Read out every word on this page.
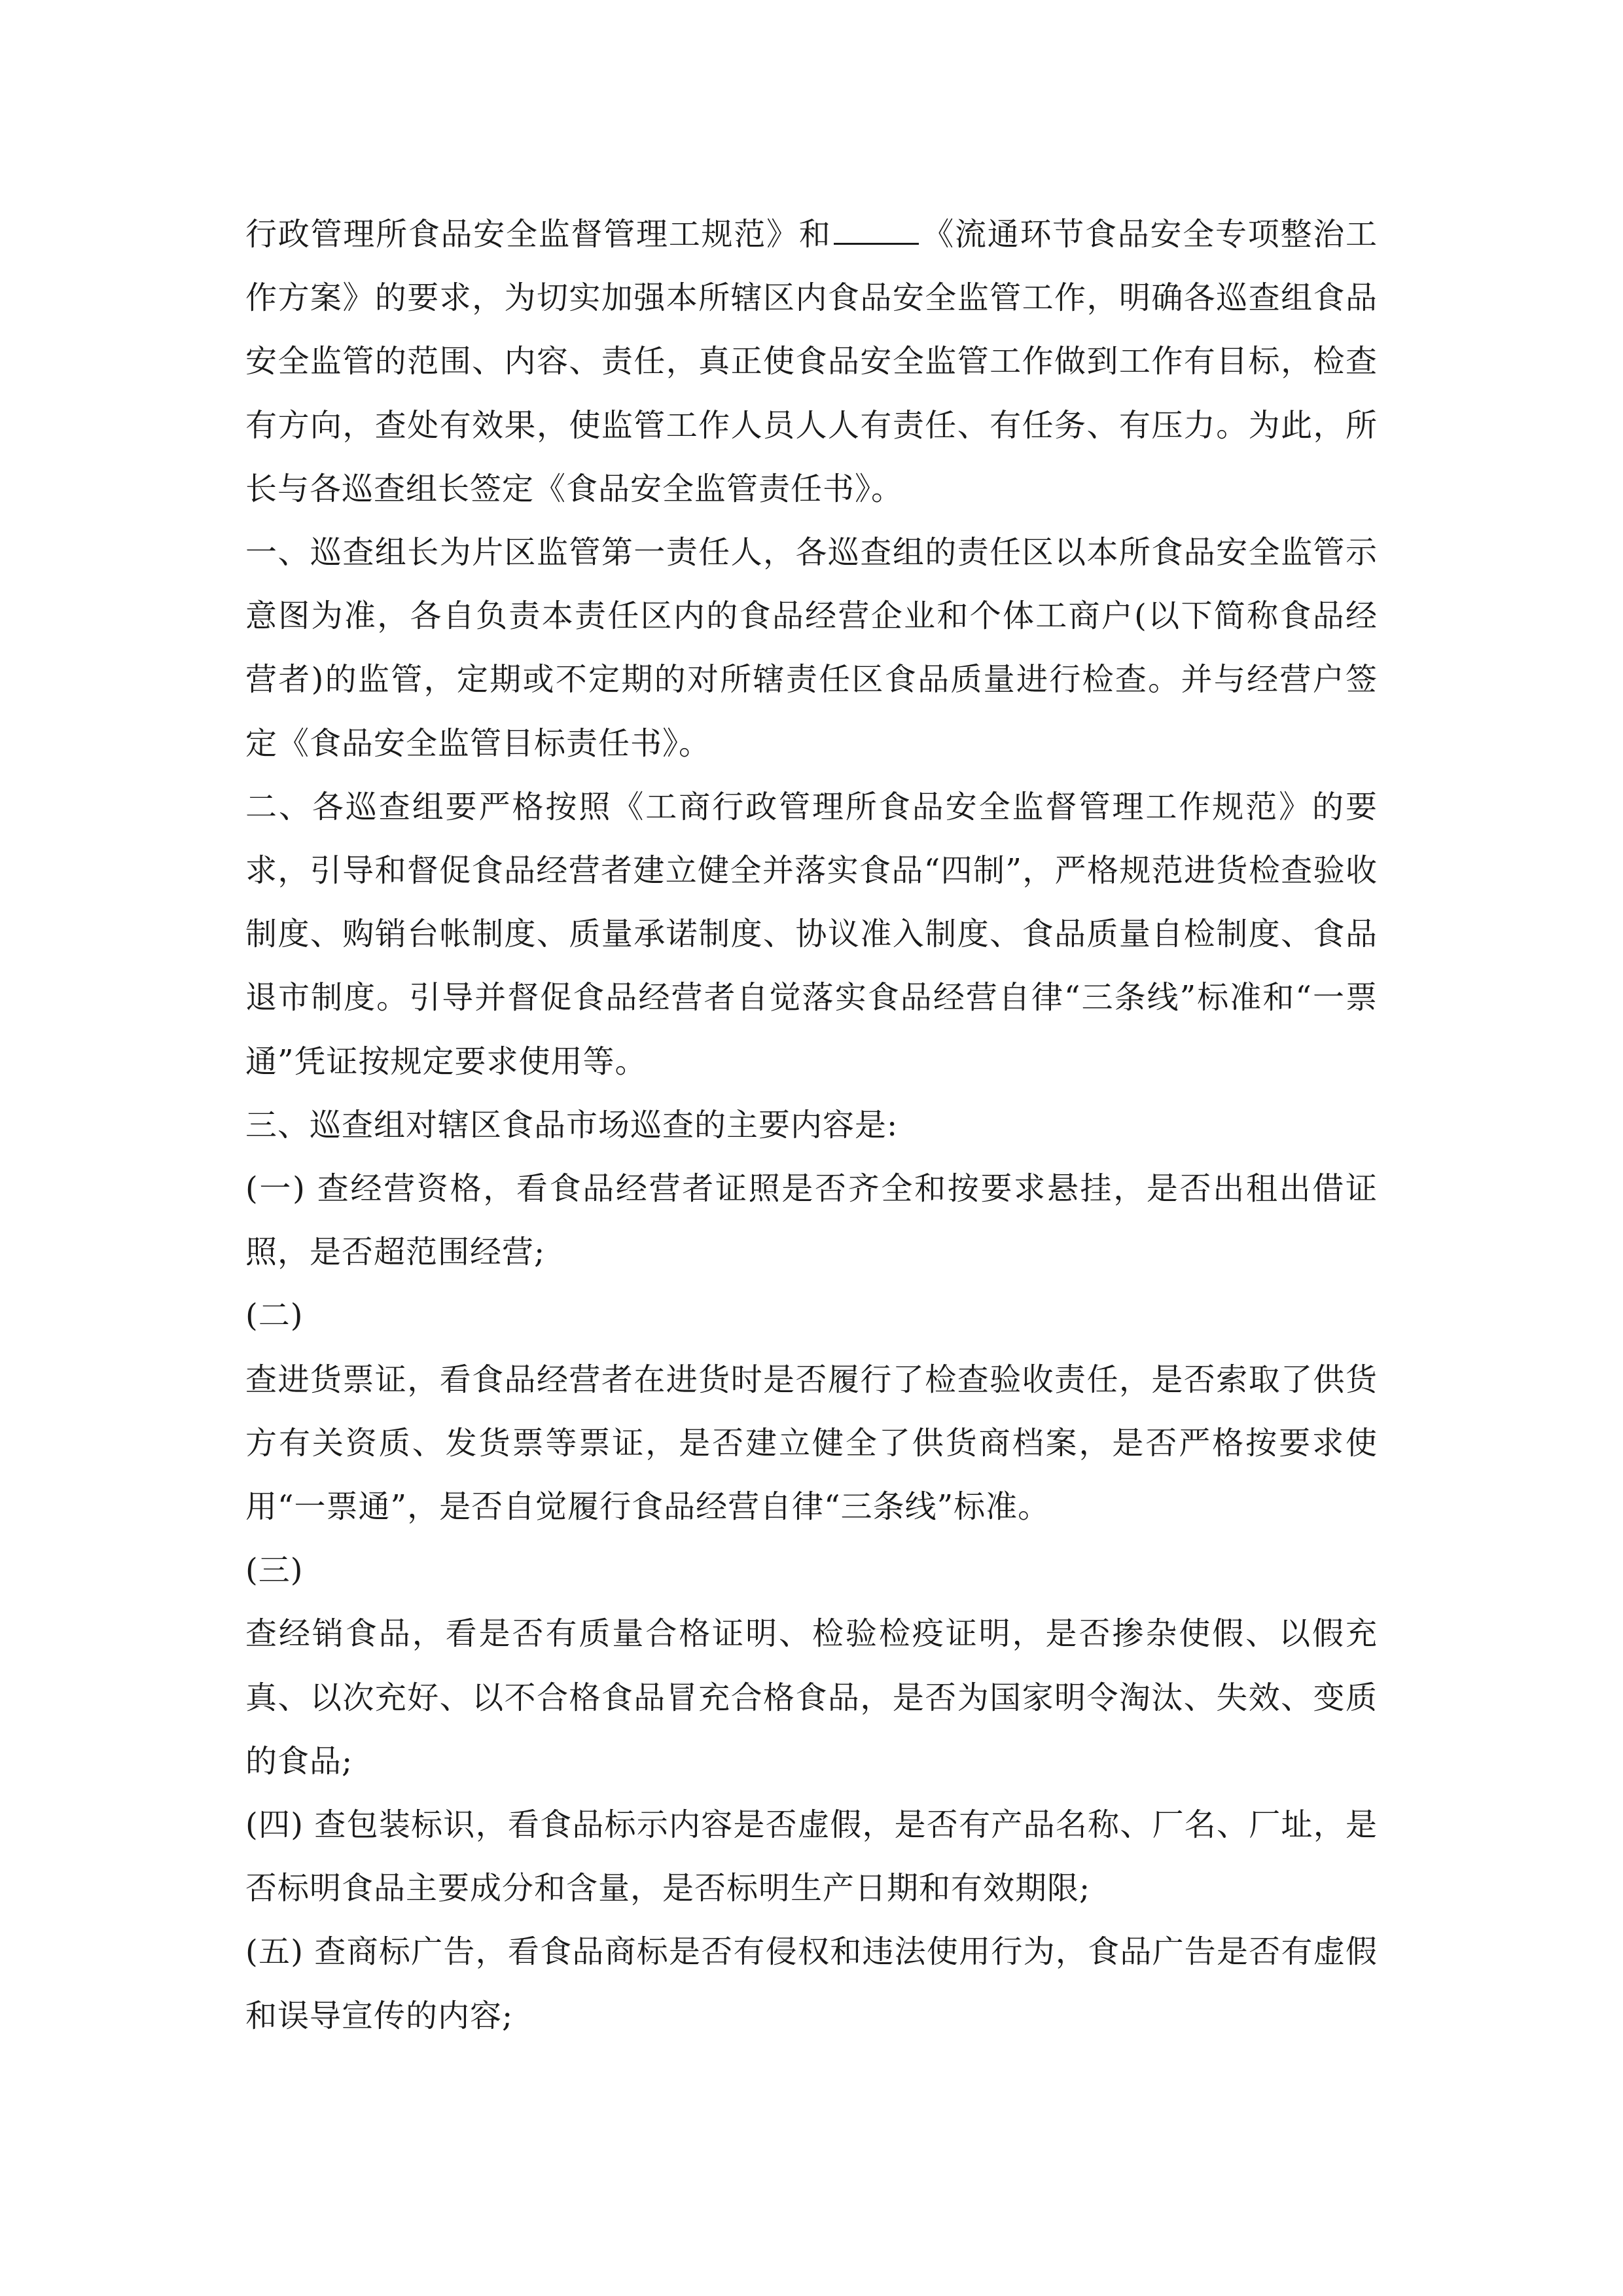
行政管理所食品安全监督管理工规范》和	《流通环节食品安全专项整治工作方案》的要求，为切实加强本所辖区内食品安全监管工作，明确各巡查组食品安全监管的范围、内容、责任，真正使食品安全监管工作做到工作有目标，检查有方向，查处有效果，使监管工作人员人人有责任、有任务、有压力。为此，所长与各巡查组长签定《食品安全监管责任书》。

一、巡查组长为片区监管第一责任人，各巡查组的责任区以本所食品安全监管示意图为准，各自负责本责任区内的食品经营企业和个体工商户(以下简称食品经营者)的监管，定期或不定期的对所辖责任区食品质量进行检查。并与经营户签定《食品安全监管目标责任书》。

二、各巡查组要严格按照《工商行政管理所食品安全监督管理工作规范》的要求，引导和督促食品经营者建立健全并落实食品“四制”，严格规范进货检查验收制度、购销台帐制度、质量承诺制度、协议准入制度、食品质量自检制度、食品退市制度。引导并督促食品经营者自觉落实食品经营自律“三条线”标准和“一票通”凭证按规定要求使用等。

三、巡查组对辖区食品市场巡查的主要内容是:

(一) 查经营资格，看食品经营者证照是否齐全和按要求悬挂，是否出租出借证照，是否超范围经营;

(二)

查进货票证，看食品经营者在进货时是否履行了检查验收责任，是否索取了供货方有关资质、发货票等票证，是否建立健全了供货商档案，是否严格按要求使用“一票通”，是否自觉履行食品经营自律“三条线”标准。

(三)

查经销食品，看是否有质量合格证明、检验检疫证明，是否掺杂使假、以假充真、以次充好、以不合格食品冒充合格食品，是否为国家明令淘汰、失效、变质的食品;

(四) 查包装标识，看食品标示内容是否虚假，是否有产品名称、厂名、厂址，是否标明食品主要成分和含量，是否标明生产日期和有效期限;

(五) 查商标广告，看食品商标是否有侵权和违法使用行为，食品广告是否有虚假和误导宣传的内容;
